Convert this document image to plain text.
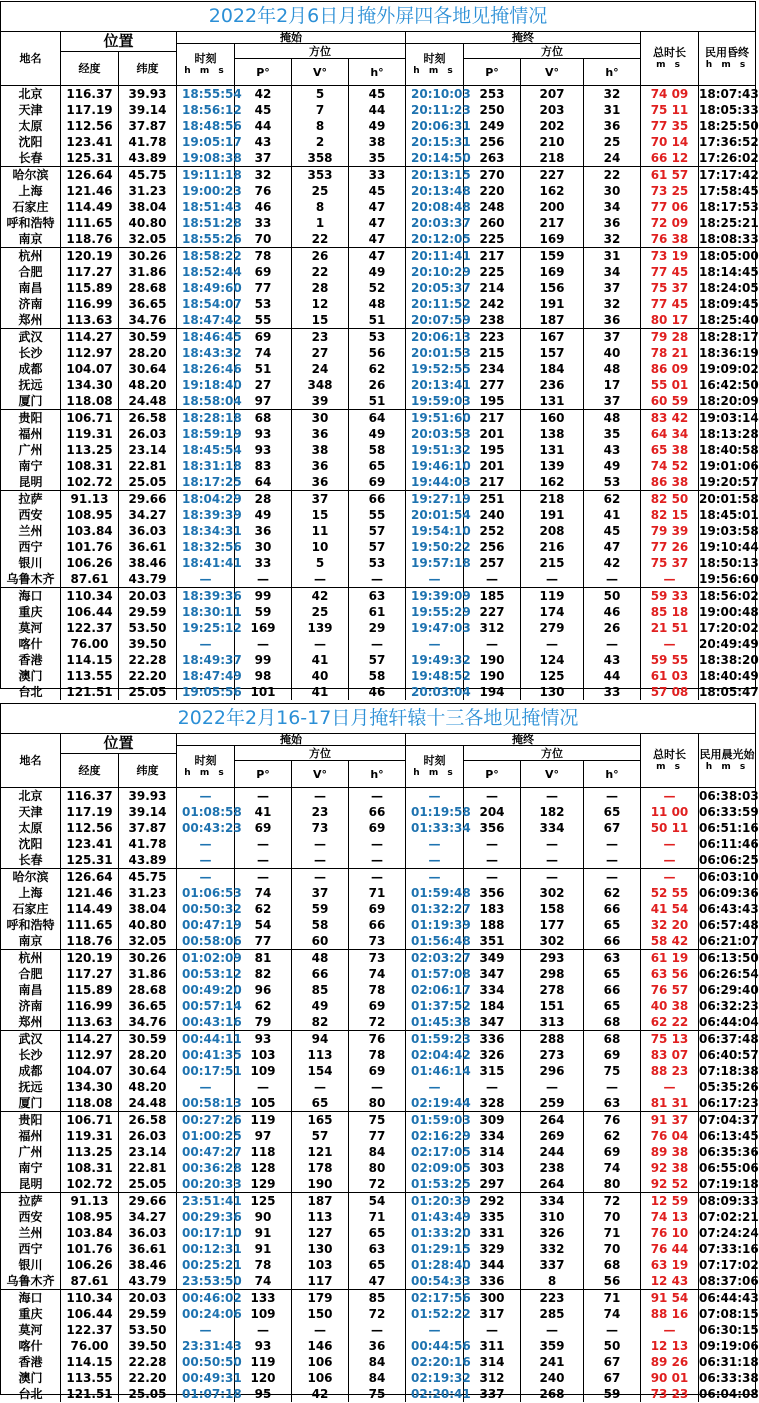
2022年2月6日月掩外屏四各地见掩情况
地名
位置
经度	纬度
时刻
h m s
掩始
方位
P°	V°	h°
时刻
h m s
掩终
方位
P°	V°	h°
总时长
m s
民用昏终
h m s
北京	116.37	39.93	18:55:54	42	5	45	20:10:03 253	207	32	74 09 18:07:43
天津	117.19	39.14	18:56:12	45	7	44	20:11:23 250	203	31	75 11 18:05:33
太原	112.56	37.87	18:48:56	44	8	49	20:06:31 249	202	36	77 35 18:25:50
沈阳	123.41	41.78	19:05:17	43	2	38	20:15:31 256	210	25	70 14 17:36:52
长春	125.31	43.89	19:08:38	37	358	35	20:14:50 263	218	24	66 12 17:26:02
哈尔滨	126.64	45.75	19:11:18	32	353	33	20:13:15 270	227	22	61 57 17:17:42
上海	121.46	31.23	19:00:23	76	25	45	20:13:48 220	162	30	73 25 17:58:45
石家庄	114.49	38.04	18:51:43	46	8	47	20:08:48 248	200	34	77 06 18:17:53
呼和浩特 111.65	40.80	18:51:28	33	1	47	20:03:37 260	217	36	72 09 18:25:21
南京	118.76	32.05	18:55:26	70	22	47	20:12:05 225	169	32	76 38 18:08:33
杭州	120.19	30.26	18:58:22	78	26	47	20:11:41 217	159	31	73 19 18:05:00
合肥	117.27	31.86	18:52:44	69	22	49	20:10:29 225	169	34	77 45 18:14:45
南昌	115.89	28.68	18:49:60	77	28	52	20:05:37 214	156	37	75 37 18:24:05
济南	116.99	36.65	18:54:07	53	12	48	20:11:52 242	191	32	77 45 18:09:45
郑州	113.63	34.76	18:47:42	55	15	51	20:07:59 238	187	36	80 17 18:25:40
武汉	114.27	30.59	18:46:45	69	23	53	20:06:13 223	167	37	79 28 18:28:17
长沙	112.97	28.20	18:43:32	74	27	56	20:01:53 215	157	40	78 21 18:36:19
成都	104.07	30.64	18:26:46	51	24	62	19:52:55 234	184	48	86 09 19:09:02
抚远	134.30	48.20	19:18:40	27	348	26	20:13:41 277	236	17	55 01 16:42:50
厦门	118.08	24.48	18:58:04	97	39	51	19:59:03 195	131	37	60 59 18:20:09
贵阳	106.71	26.58	18:28:18	68	30	64	19:51:60 217	160	48	83 42 19:03:14
福州	119.31	26.03	18:59:19	93	36	49	20:03:53 201	138	35	64 34 18:13:28
广州	113.25	23.14	18:45:54	93	38	58	19:51:32 195	131	43	65 38 18:40:58
南宁	108.31	22.81	18:31:18	83	36	65	19:46:10 201	139	49	74 52 19:01:06
昆明	102.72	25.05	18:17:25	64	36	69	19:44:03 217	162	53	86 38 19:20:57
拉萨	91.13	29.66	18:04:29	28	37	66	19:27:19 251	218	62	82 50 20:01:58
西安	108.95	34.27	18:39:39	49	15	55	20:01:54 240	191	41	82 15 18:45:01
兰州	103.84	36.03	18:34:31	36	11	57	19:54:10 252	208	45	79 39 19:03:58
西宁	101.76	36.61	18:32:56	30	10	57	19:50:22 256	216	47	77 26 19:10:44
银川	106.26	38.46	18:41:41	33	5	53	19:57:18 257	215	42	75 37 18:50:13
乌鲁木齐	87.61	43.79	—	—	—	—	—	—	—	—	—	19:56:60
海口	110.34	20.03	18:39:36	99	42	63	19:39:09 185	119	50	59 33 18:56:02
重庆	106.44	29.59	18:30:11	59	25	61	19:55:29 227	174	46	85 18 19:00:48
莫河	122.37	53.50	19:25:12 169	139	29	19:47:03 312	279	26	21 51 17:20:02
喀什	76.00	39.50	—	—	—	—	—	—	—	—	—	20:49:49
香港	114.15	22.28	18:49:37	99	41	57	19:49:32 190	124	43	59 55 18:38:20
澳门	113.55	22.20	18:47:49	98	40	58	19:48:52 190	125	44	61 03 18:40:49
台北	121.51	25.05	19:05:56 101	41	46	20:03:04 194	130	33	57 08 18:05:47
2022年2月16-17日月掩轩辕十三各地见掩情况
地名
位置
经度	纬度
时刻
h m s
掩始
方位
P°	V°	h°
时刻
h m s
掩终
方位
P°	V°	h°
总时长
m s
民用晨光始
h m s
北京	116.37	39.93	—	—	—	—	—	—	—	—	—	06:38:03
天津	117.19	39.14	01:08:58	41	23	66	01:19:58 204	182	65	11 00 06:33:59
太原	112.56	37.87	00:43:23	69	73	69	01:33:34 356	334	67	50 11 06:51:16
沈阳	123.41	41.78	—	—	—	—	—	—	—	—	—	06:11:46
长春	125.31	43.89	—	—	—	—	—	—	—	—	—	06:06:25
哈尔滨	126.64	45.75	—	—	—	—	—	—	—	—	—	06:03:10
上海	121.46	31.23	01:06:53	74	37	71	01:59:48 356	302	62	52 55 06:09:36
石家庄	114.49	38.04	00:50:32	62	59	69	01:32:27 183	158	66	41 54 06:43:43
呼和浩特 111.65	40.80	00:47:19	54	58	66	01:19:39 188	177	65	32 20 06:57:48
南京	118.76	32.05	00:58:06	77	60	73	01:56:48 351	302	66	58 42 06:21:07
杭州	120.19	30.26	01:02:09	81	48	73	02:03:27 349	293	63	61 19 06:13:50
合肥	117.27	31.86	00:53:12	82	66	74	01:57:08 347	298	65	63 56 06:26:54
南昌	115.89	28.68	00:49:20	96	85	78	02:06:17 334	278	66	76 57 06:29:40
济南	116.99	36.65	00:57:14	62	49	69	01:37:52 184	151	65	40 38 06:32:23
郑州	113.63	34.76	00:43:16	79	82	72	01:45:38 347	313	68	62 22 06:44:04
武汉	114.27	30.59	00:44:11	93	94	76	01:59:23 336	288	68	75 13 06:37:48
长沙	112.97	28.20	00:41:35 103	113	78	02:04:42 326	273	69	83 07 06:40:57
成都	104.07	30.64	00:17:51 109	154	69	01:46:14 315	296	75	88 23 07:18:38
抚远	134.30	48.20	—	—	—	—	—	—	—	—	—	05:35:26
厦门	118.08	24.48	00:58:13 105	65	80	02:19:44 328	259	63	81 31 06:17:23
贵阳	106.71	26.58	00:27:26 119	165	75	01:59:03 309	264	76	91 37 07:04:37
福州	119.31	26.03	01:00:25	97	57	77	02:16:29 334	269	62	76 04 06:13:45
广州	113.25	23.14	00:47:27 118	121	84	02:17:05 314	244	69	89 38 06:35:36
南宁	108.31	22.81	00:36:28 128	178	80	02:09:05 303	238	74	92 38 06:55:06
昆明	102.72	25.05	00:20:33 129	190	72	01:53:25 297	264	80	92 52 07:19:18
拉萨	91.13	29.66	23:51:41 125	187	54	01:20:39 292	334	72	12 59 08:09:33
西安	108.95	34.27	00:29:36	90	113	71	01:43:49 335	310	70	74 13 07:02:21
兰州	103.84	36.03	00:17:10	91	127	65	01:33:20 331	326	71	76 10 07:24:24
西宁	101.76	36.61	00:12:31	91	130	63	01:29:15 329	332	70	76 44 07:33:16
银川	106.26	38.46	00:25:21	78	103	65	01:28:40 344	337	68	63 19 07:17:02
乌鲁木齐	87.61	43.79	23:53:50	74	117	47	00:54:33 336	8	56	12 43 08:37:06
海口	110.34	20.03	00:46:02 133	179	85	02:17:56 300	223	71	91 54 06:44:43
重庆	106.44	29.59	00:24:06 109	150	72	01:52:22 317	285	74	88 16 07:08:15
莫河	122.37	53.50	—	—	—	—	—	—	—	—	—	06:30:15
喀什	76.00	39.50	23:31:43	93	146	36	00:44:56 311	359	50	12 13 09:19:06
香港	114.15	22.28	00:50:50 119	106	84	02:20:16 314	241	67	89 26 06:31:18
澳门	113.55	22.20	00:49:31 120	106	84	02:19:32 312	240	67	90 01 06:33:38
台北	121.51	25.05	01:07:18	95	42	75	02:20:41 337	268	59	73 23 06:04:08
